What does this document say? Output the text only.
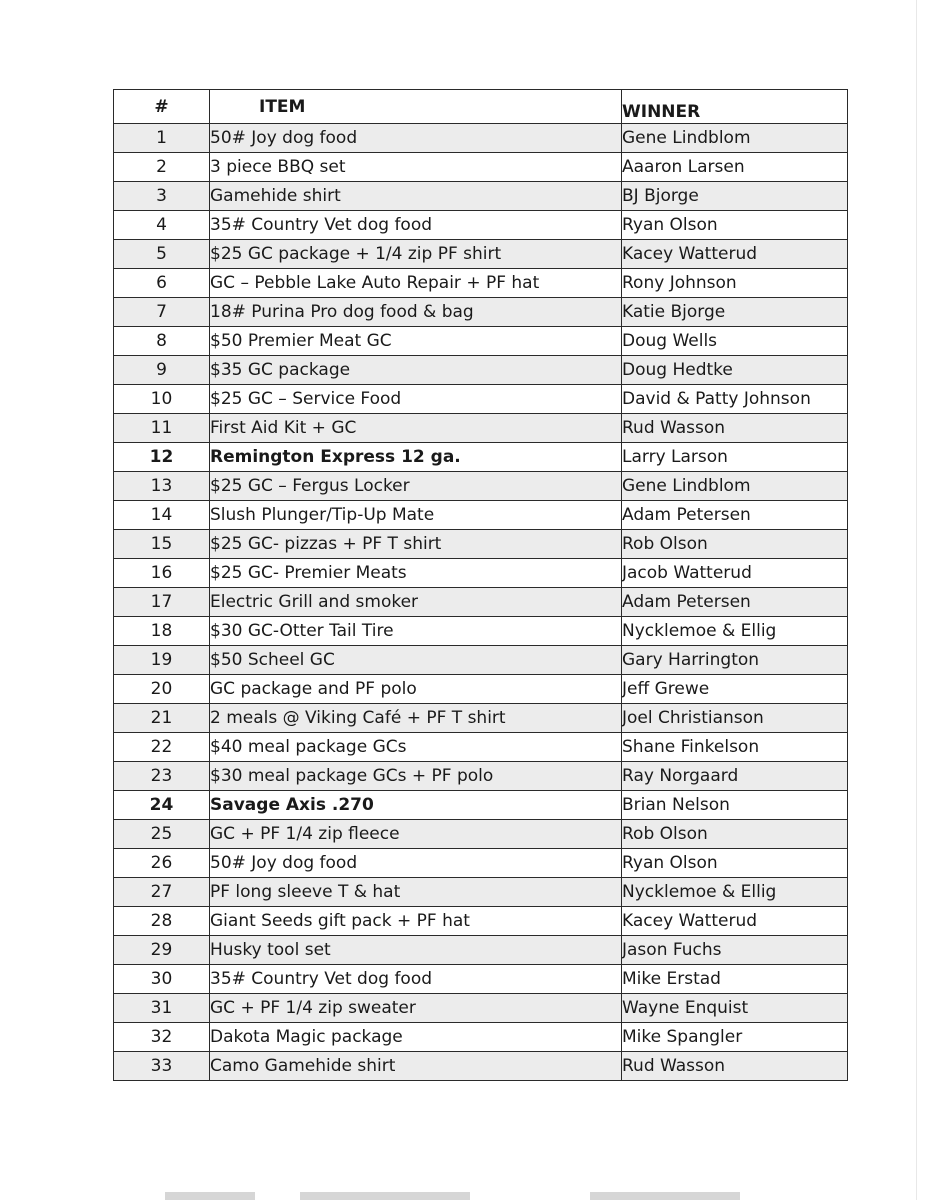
#	ITEM	WINNER
1	50# Joy dog food	Gene Lindblom
2	3 piece BBQ set	Aaaron Larsen
3	Gamehide shirt	BJ Bjorge
4	35# Country Vet dog food	Ryan Olson
5	$25 GC package + 1/4 zip PF shirt	Kacey Watterud
6	GC – Pebble Lake Auto Repair + PF hat	Rony Johnson
7	18# Purina Pro dog food & bag	Katie Bjorge
8	$50 Premier Meat GC	Doug Wells
9	$35 GC package	Doug Hedtke
10	$25 GC – Service Food	David & Patty Johnson
11	First Aid Kit + GC	Rud Wasson
12	Remington Express 12 ga.	Larry Larson
13	$25 GC – Fergus Locker	Gene Lindblom
14	Slush Plunger/Tip-Up Mate	Adam Petersen
15	$25 GC- pizzas + PF T shirt	Rob Olson
16	$25 GC- Premier Meats	Jacob Watterud
17	Electric Grill and smoker	Adam Petersen
18	$30 GC-Otter Tail Tire	Nycklemoe & Ellig
19	$50 Scheel GC	Gary Harrington
20	GC package and PF polo	Jeff Grewe
21	2 meals @ Viking Café + PF T shirt	Joel Christianson
22	$40 meal package GCs	Shane Finkelson
23	$30 meal package GCs + PF polo	Ray Norgaard
24	Savage Axis .270	Brian Nelson
25	GC + PF 1/4 zip fleece	Rob Olson
26	50# Joy dog food	Ryan Olson
27	PF long sleeve T & hat	Nycklemoe & Ellig
28	Giant Seeds gift pack + PF hat	Kacey Watterud
29	Husky tool set	Jason Fuchs
30	35# Country Vet dog food	Mike Erstad
31	GC + PF 1/4 zip sweater	Wayne Enquist
32	Dakota Magic package	Mike Spangler
33	Camo Gamehide shirt	Rud Wasson
